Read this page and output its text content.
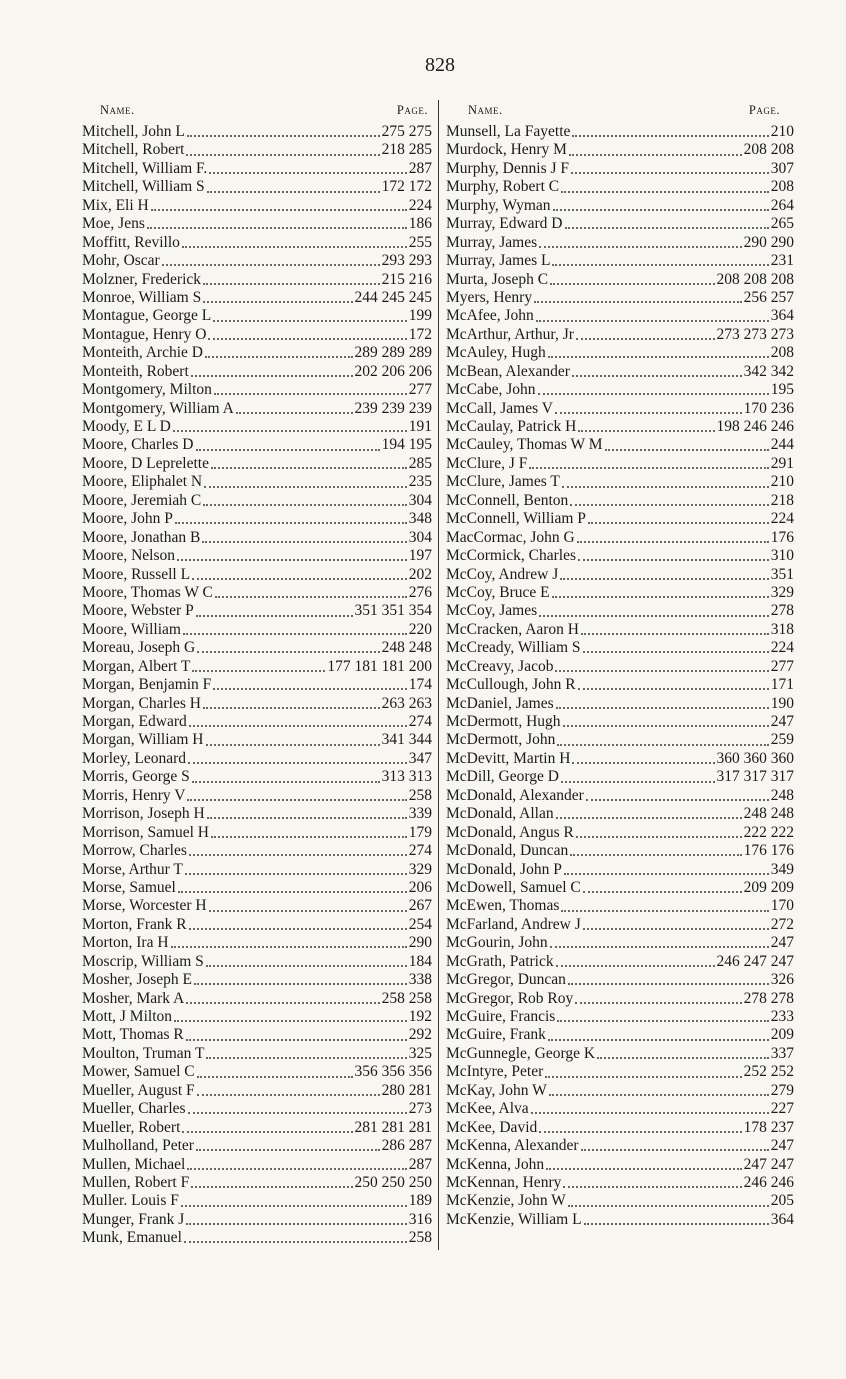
828
Name.	Page.
Mitchell, John L	275 275
Mitchell, Robert	218 285
Mitchell, William F.	287
Mitchell, William S	172 172
Mix, Eli H	224
Moe, Jens	186
Moffitt, Revillo	255
Mohr, Oscar	293 293
Molzner, Frederick	215 216
Monroe, William S	244 245 245
Montague, George L	199
Montague, Henry O	172
Monteith, Archie D	289 289 289
Monteith, Robert	202 206 206
Montgomery, Milton	277
Montgomery, William A	239 239 239
Moody, E L D	191
Moore, Charles D	194 195
Moore, D Leprelette	285
Moore, Eliphalet N	235
Moore, Jeremiah C	304
Moore, John P	348
Moore, Jonathan B	304
Moore, Nelson	197
Moore, Russell L	202
Moore, Thomas W C	276
Moore, Webster P	351 351 354
Moore, William	220
Moreau, Joseph G	248 248
Morgan, Albert T	177 181 181 200
Morgan, Benjamin F	174
Morgan, Charles H	263 263
Morgan, Edward	274
Morgan, William H	341 344
Morley, Leonard	347
Morris, George S	313 313
Morris, Henry V	258
Morrison, Joseph H	339
Morrison, Samuel H	179
Morrow, Charles	274
Morse, Arthur T	329
Morse, Samuel	206
Morse, Worcester H	267
Morton, Frank R	254
Morton, Ira H	290
Moscrip, William S	184
Mosher, Joseph E	338
Mosher, Mark A	258 258
Mott, J Milton	192
Mott, Thomas R	292
Moulton, Truman T	325
Mower, Samuel C	356 356 356
Mueller, August F	280 281
Mueller, Charles	273
Mueller, Robert	281 281 281
Mulholland, Peter	286 287
Mullen, Michael	287
Mullen, Robert F	250 250 250
Muller. Louis F	189
Munger, Frank J	316
Munk, Emanuel	258
Name.	Page.
Munsell, La Fayette	210
Murdock, Henry M	208 208
Murphy, Dennis J F	307
Murphy, Robert C	208
Murphy, Wyman	264
Murray, Edward D	265
Murray, James	290 290
Murray, James L	231
Murta, Joseph C	208 208 208
Myers, Henry	256 257
McAfee, John	364
McArthur, Arthur, Jr	273 273 273
McAuley, Hugh	208
McBean, Alexander	342 342
McCabe, John	195
McCall, James V	170 236
McCaulay, Patrick H	198 246 246
McCauley, Thomas W M	244
McClure, J F	291
McClure, James T	210
McConnell, Benton	218
McConnell, William P	224
MacCormac, John G	176
McCormick, Charles	310
McCoy, Andrew J	351
McCoy, Bruce E	329
McCoy, James	278
McCracken, Aaron H	318
McCready, William S	224
McCreavy, Jacob	277
McCullough, John R	171
McDaniel, James	190
McDermott, Hugh	247
McDermott, John	259
McDevitt, Martin H	360 360 360
McDill, George D	317 317 317
McDonald, Alexander	248
McDonald, Allan	248 248
McDonald, Angus R	222 222
McDonald, Duncan	176 176
McDonald, John P	349
McDowell, Samuel C	209 209
McEwen, Thomas	170
McFarland, Andrew J	272
McGourin, John	247
McGrath, Patrick	246 247 247
McGregor, Duncan	326
McGregor, Rob Roy	278 278
McGuire, Francis	233
McGuire, Frank	209
McGunnegle, George K	337
McIntyre, Peter	252 252
McKay, John W	279
McKee, Alva	227
McKee, David	178 237
McKenna, Alexander	247
McKenna, John	247 247
McKennan, Henry	246 246
McKenzie, John W	205
McKenzie, William L	364
